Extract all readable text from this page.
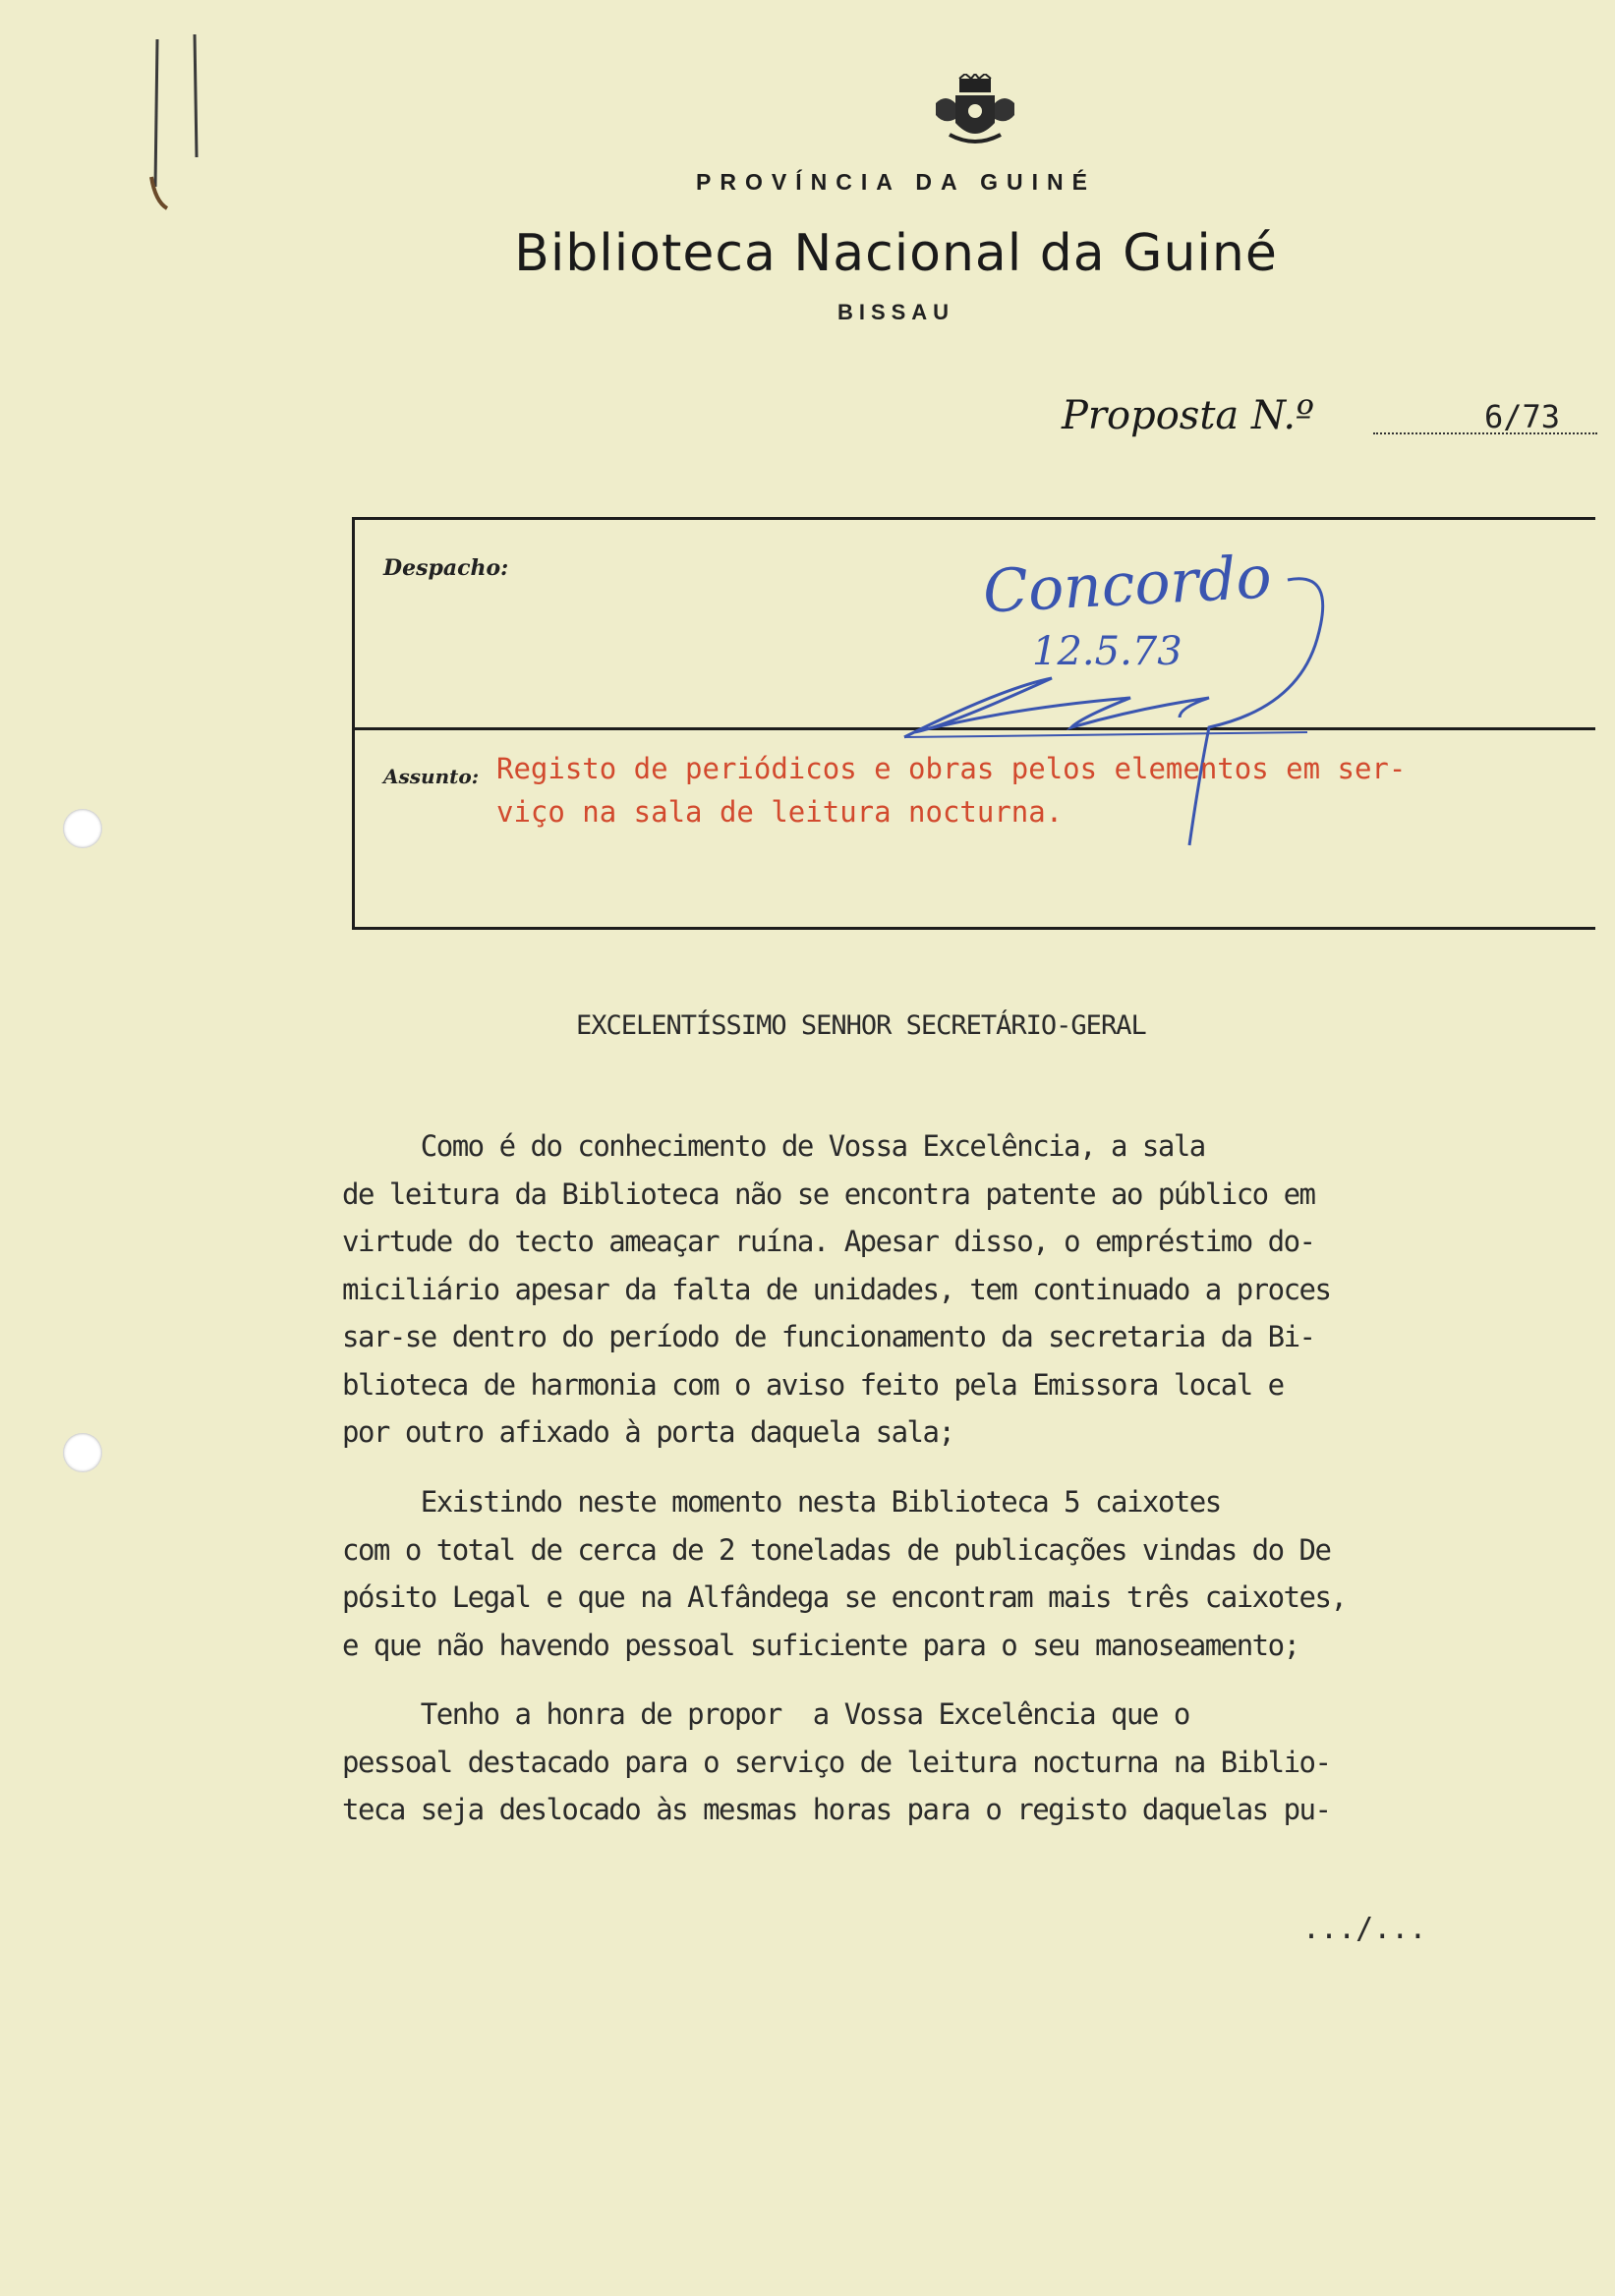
PROVÍNCIA DA GUINÉ
Biblioteca Nacional da Guiné
BISSAU
Proposta N.º	6/73
Despacho:	Concordo
12.5.73
Assunto: Registo de periódicos e obras pelos elementos em ser-
viço na sala de leitura nocturna.
EXCELENTÍSSIMO SENHOR SECRETÁRIO-GERAL
Como é do conhecimento de Vossa Excelência, a sala
de leitura da Biblioteca não se encontra patente ao público em
virtude do tecto ameaçar ruína. Apesar disso, o empréstimo do-
miciliário apesar da falta de unidades, tem continuado a proces
sar-se dentro do período de funcionamento da secretaria da Bi-
blioteca de harmonia com o aviso feito pela Emissora local e
por outro afixado à porta daquela sala;
Existindo neste momento nesta Biblioteca 5 caixotes
com o total de cerca de 2 toneladas de publicações vindas do De
pósito Legal e que na Alfândega se encontram mais três caixotes,
e que não havendo pessoal suficiente para o seu manoseamento;
Tenho a honra de propor  a Vossa Excelência que o
pessoal destacado para o serviço de leitura nocturna na Biblio-
teca seja deslocado às mesmas horas para o registo daquelas pu-
.../...
